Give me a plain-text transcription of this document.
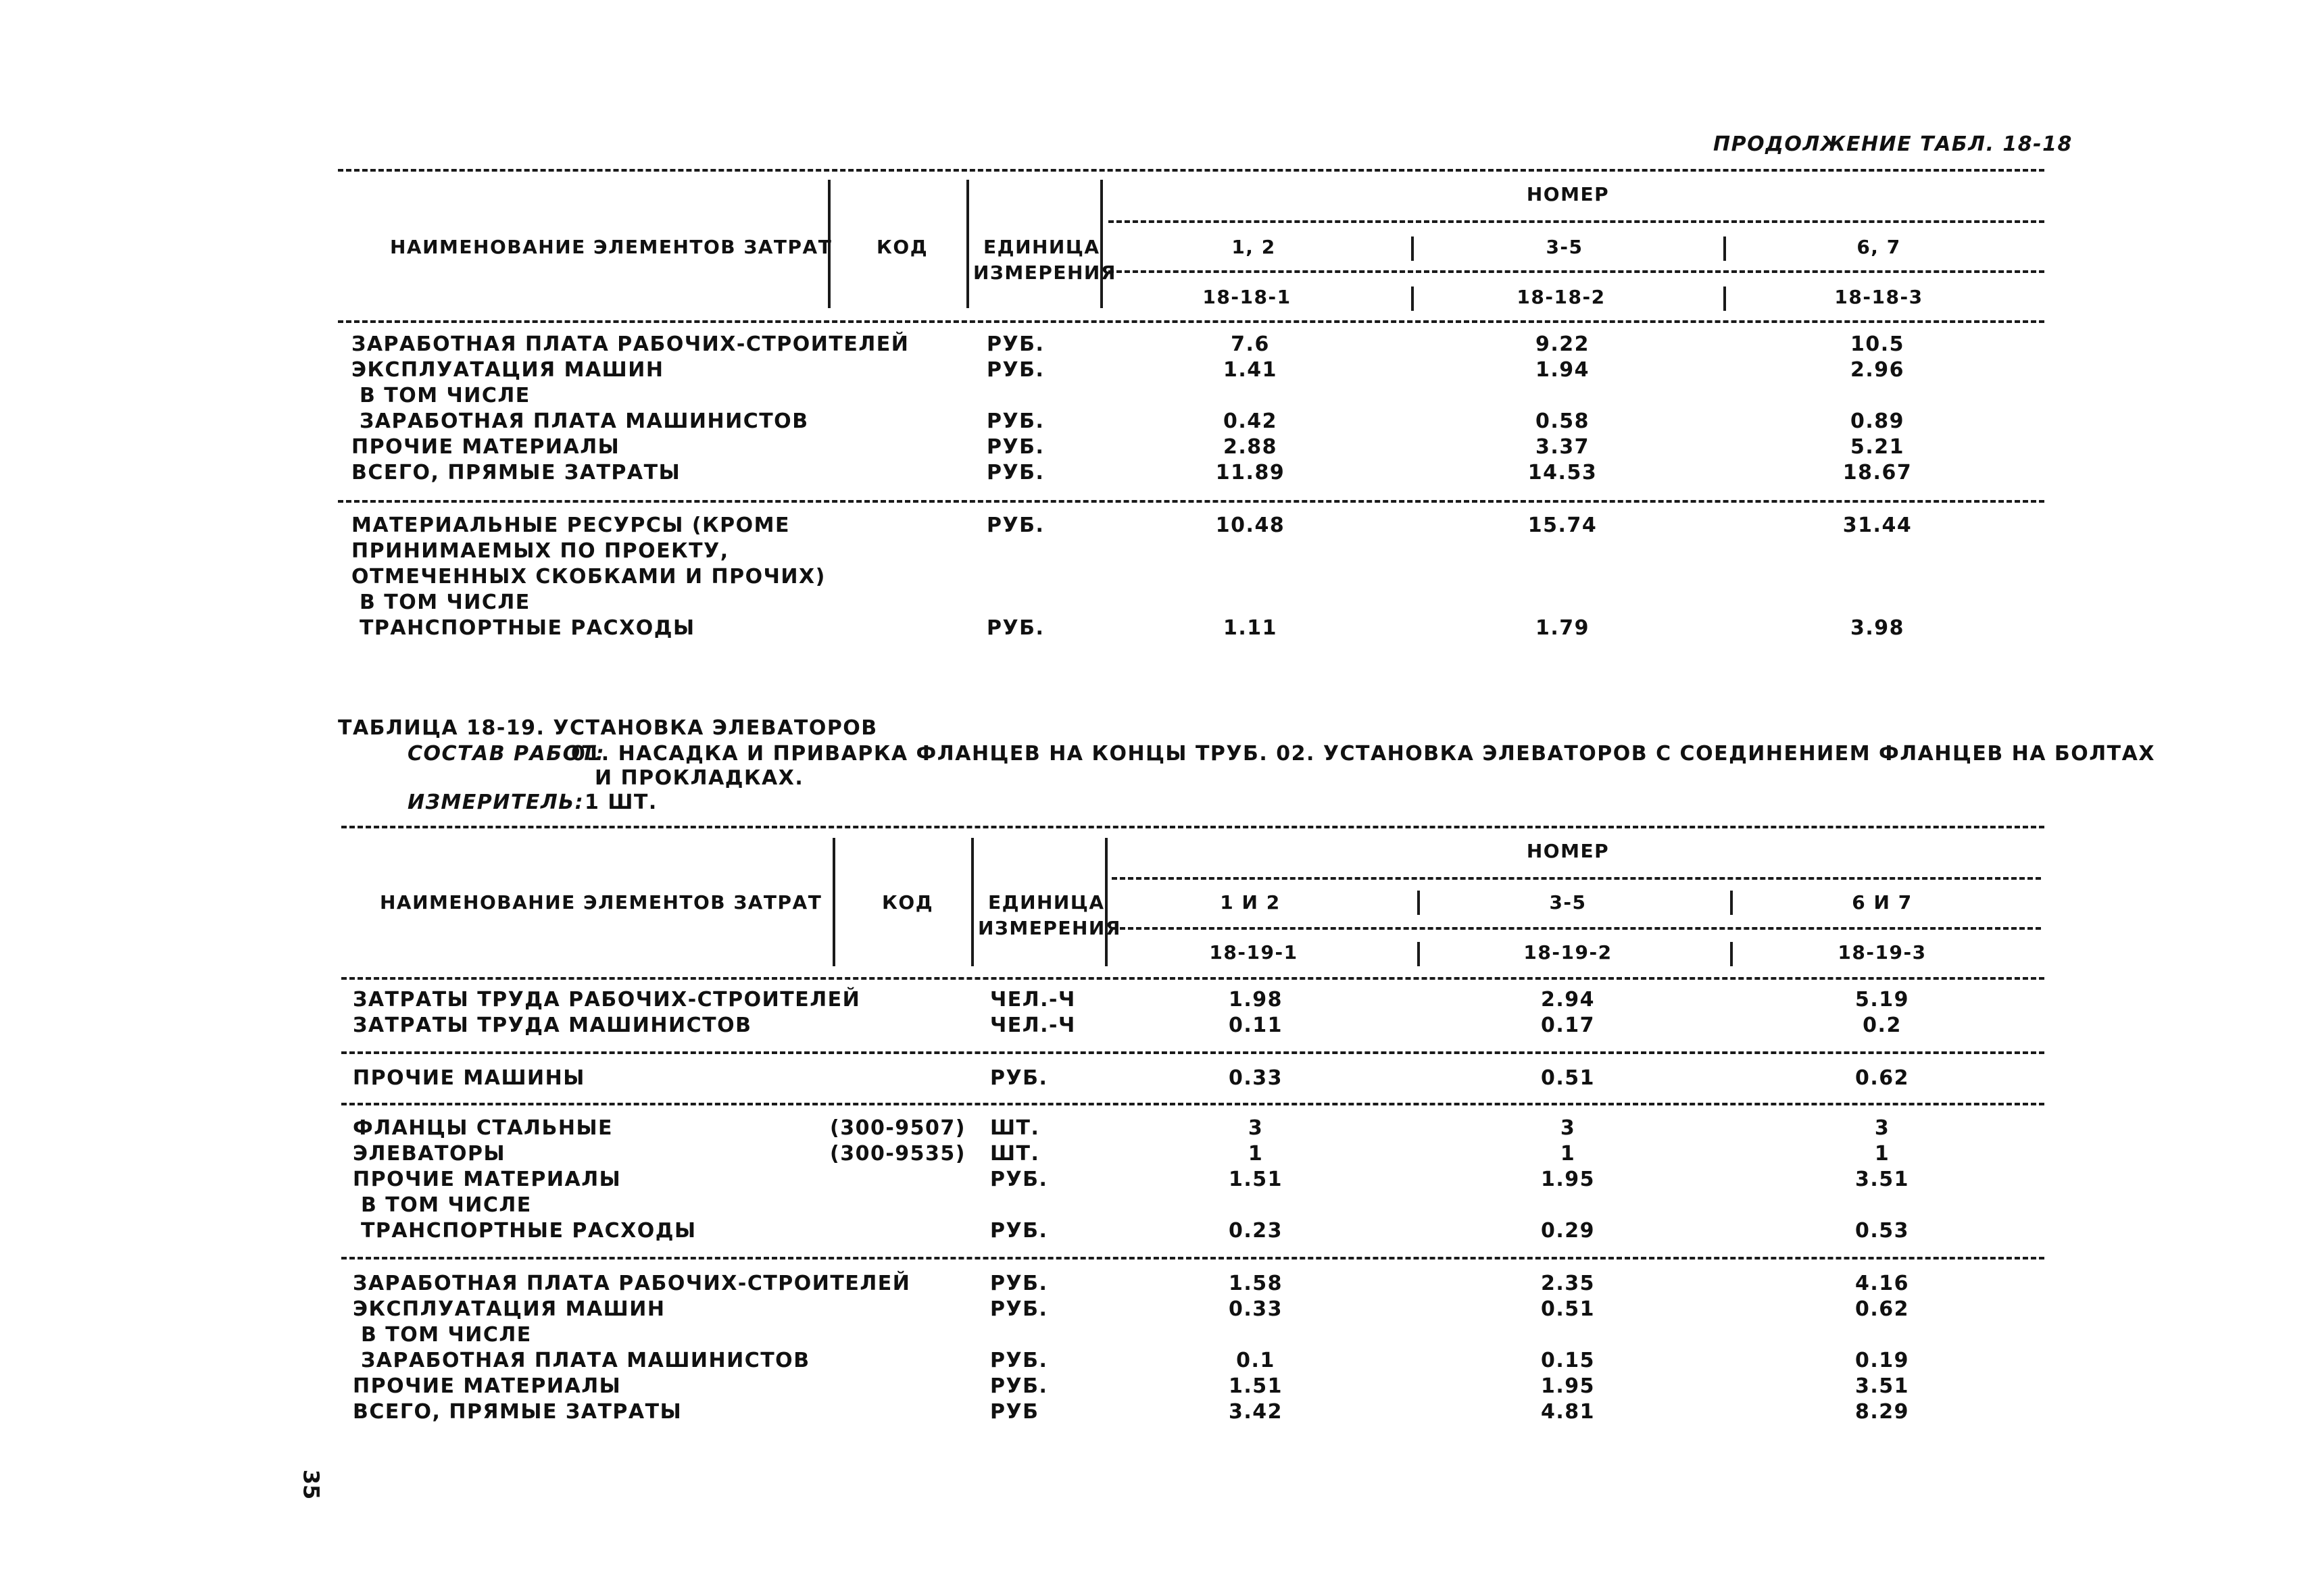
ПРОДОЛЖЕНИЕ ТАБЛ. 18-18
НАИМЕНОВАНИЕ ЭЛЕМЕНТОВ ЗАТРАТ КОД	ЕДИНИЦА
ИЗМЕРЕНИЯ
НОМЕР
1, 2	3-5	6, 7
18-18-1	18-18-2	18-18-3
ЗАРАБОТНАЯ ПЛАТА РАБОЧИХ-СТРОИТЕЛЕЙ	РУБ.	7.6	9.22	10.5
ЭКСПЛУАТАЦИЯ МАШИН	РУБ.	1.41	1.94	2.96
В ТОМ ЧИСЛЕ
ЗАРАБОТНАЯ ПЛАТА МАШИНИСТОВ	РУБ.	0.42	0.58	0.89
ПРОЧИЕ МАТЕРИАЛЫ	РУБ.	2.88	3.37	5.21
ВСЕГО, ПРЯМЫЕ ЗАТРАТЫ	РУБ.	11.89	14.53	18.67
МАТЕРИАЛЬНЫЕ РЕСУРСЫ (КРОМЕ	РУБ.	10.48	15.74	31.44
ПРИНИМАЕМЫХ ПО ПРОЕКТУ,
ОТМЕЧЕННЫХ СКОБКАМИ И ПРОЧИХ)
В ТОМ ЧИСЛЕ
ТРАНСПОРТНЫЕ РАСХОДЫ	РУБ.	1.11	1.79	3.98
ТАБЛИЦА 18-19. УСТАНОВКА ЭЛЕВАТОРОВ
СОСТАВ РАБОТ:
01. НАСАДКА И ПРИВАРКА ФЛАНЦЕВ НА КОНЦЫ ТРУБ. 02. УСТАНОВКА ЭЛЕВАТОРОВ С СОЕДИНЕНИЕМ ФЛАНЦЕВ НА БОЛТАХ
И ПРОКЛАДКАХ.
ИЗМЕРИТЕЛЬ: 1 ШТ.
НАИМЕНОВАНИЕ ЭЛЕМЕНТОВ ЗАТРАТ	КОД	ЕДИНИЦА
ИЗМЕРЕНИЯ
НОМЕР
1 И 2	3-5	6 И 7
18-19-1	18-19-2	18-19-3
ЗАТРАТЫ ТРУДА РАБОЧИХ-СТРОИТЕЛЕЙ	ЧЕЛ.-Ч	1.98	2.94	5.19
ЗАТРАТЫ ТРУДА МАШИНИСТОВ	ЧЕЛ.-Ч	0.11	0.17	0.2
ПРОЧИЕ МАШИНЫ	РУБ.	0.33	0.51	0.62
ФЛАНЦЫ СТАЛЬНЫЕ	(300-9507) ШТ.	3	3	3
ЭЛЕВАТОРЫ	(300-9535) ШТ.	1	1	1
ПРОЧИЕ МАТЕРИАЛЫ	РУБ.	1.51	1.95	3.51
В ТОМ ЧИСЛЕ
ТРАНСПОРТНЫЕ РАСХОДЫ	РУБ.	0.23	0.29	0.53
ЗАРАБОТНАЯ ПЛАТА РАБОЧИХ-СТРОИТЕЛЕЙ	РУБ.	1.58	2.35	4.16
ЭКСПЛУАТАЦИЯ МАШИН	РУБ.	0.33	0.51	0.62
В ТОМ ЧИСЛЕ
ЗАРАБОТНАЯ ПЛАТА МАШИНИСТОВ	РУБ.	0.1	0.15	0.19
ПРОЧИЕ МАТЕРИАЛЫ	РУБ.	1.51	1.95	3.51
ВСЕГО, ПРЯМЫЕ ЗАТРАТЫ	РУБ	3.42	4.81	8.29
35
